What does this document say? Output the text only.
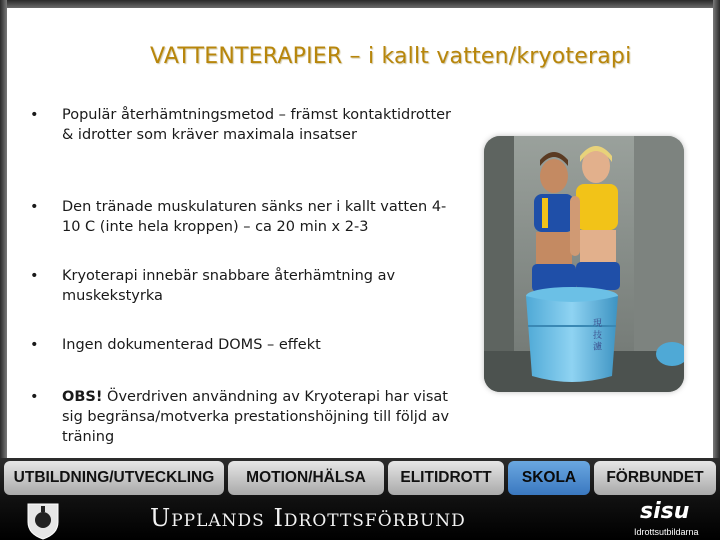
VATTENTERAPIER – i kallt vatten/kryoterapi
•	Populär återhämtningsmetod – främst kontaktidrotter & idrotter som kräver maximala insatser
•	Den tränade muskulaturen sänks ner i kallt vatten 4-10 C (inte hela kroppen) – ca 20 min x 2-3
•	Kryoterapi innebär snabbare återhämtning av muskekstyrka
•	Ingen dokumenterad DOMS – effekt
•	OBS! Överdriven användning av Kryoterapi har visat sig begränsa/motverka prestationshöjning till följd av träning
現 技 濾
UTBILDNING/UTVECKLING	MOTION/HÄLSA	ELITIDROTT	SKOLA	FÖRBUNDET
Upplands Idrottsförbund	sisu
Idrottsutbildarna
